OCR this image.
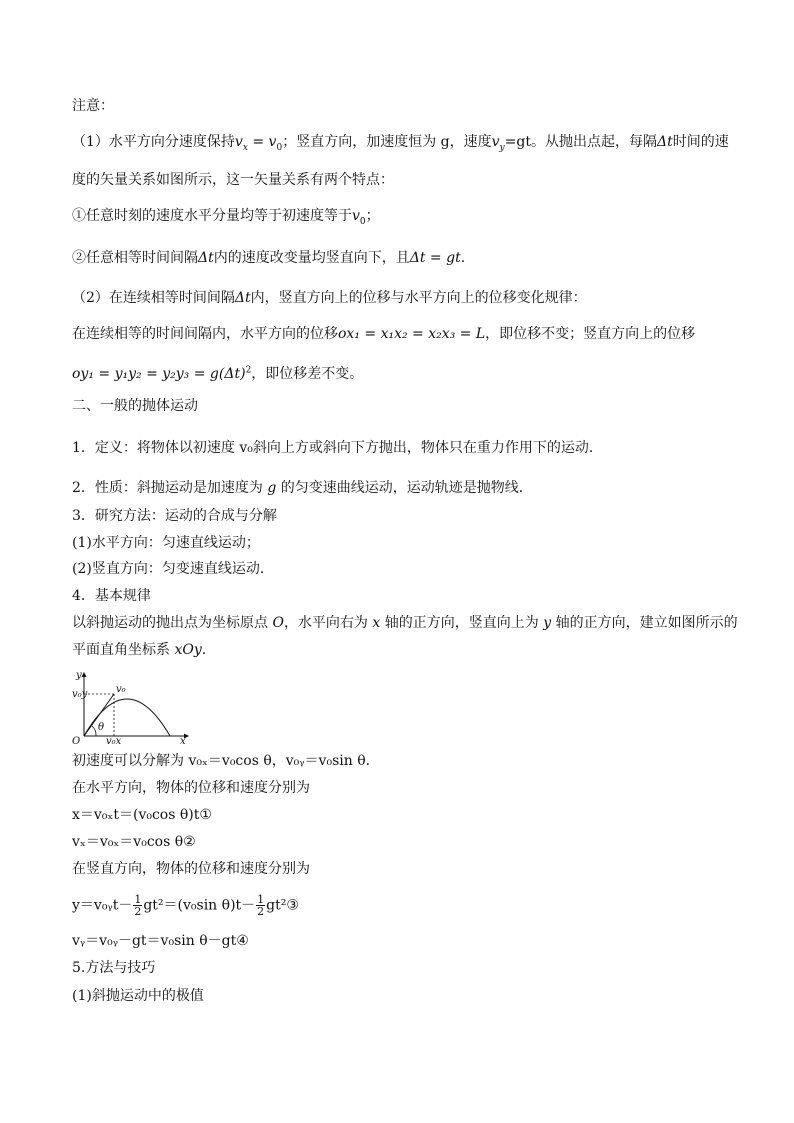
注意：
（1）水平方向分速度保持$v_x = v_0$；竖直方向，加速度恒为 g，速度$v_y=gt$。从抛出点起，每隔Δt时间的速
度的矢量关系如图所示，这一矢量关系有两个特点：
①任意时刻的速度水平分量均等于初速度等于$v_0$；
②任意相等时间间隔Δt内的速度改变量均竖直向下，且Δt = gt.
（2）在连续相等时间间隔Δt内，竖直方向上的位移与水平方向上的位移变化规律：
在连续相等的时间间隔内，水平方向的位移ox₁ = x₁x₂ = x₂x₃ = L，即位移不变；竖直方向上的位移
$oy_1 = y_1y_2 = y_2y_3 = g(\Delta t)^2$，即位移差不变。
二、一般的抛体运动
1．定义：将物体以初速度 v₀斜向上方或斜向下方抛出，物体只在重力作用下的运动．
2．性质：斜抛运动是加速度为 g 的匀变速曲线运动，运动轨迹是抛物线．
3．研究方法：运动的合成与分解
(1)水平方向：匀速直线运动；
(2)竖直方向：匀变速直线运动．
4．基本规律
以斜抛运动的抛出点为坐标原点 O，水平向右为 x 轴的正方向，竖直向上为 y 轴的正方向，建立如图所示的
平面直角坐标系 xOy.
y
x
O
v₀y	v₀
θ
v₀x
初速度可以分解为 v₀ₓ＝v₀cos θ，v₀ᵧ＝v₀sin θ．
在水平方向，物体的位移和速度分别为
x＝v₀ₓt＝(v₀cos θ)t①
vₓ＝v₀ₓ＝v₀cos θ②
在竖直方向，物体的位移和速度分别为
y＝v₀ᵧt－ $\frac{1}{2} gt^2=(v_0\sin$ $\theta)t- \frac{1}{2}$ gt²③
vᵧ＝v₀ᵧ－gt＝v₀sin θ－gt④
5.方法与技巧
(1)斜抛运动中的极值
